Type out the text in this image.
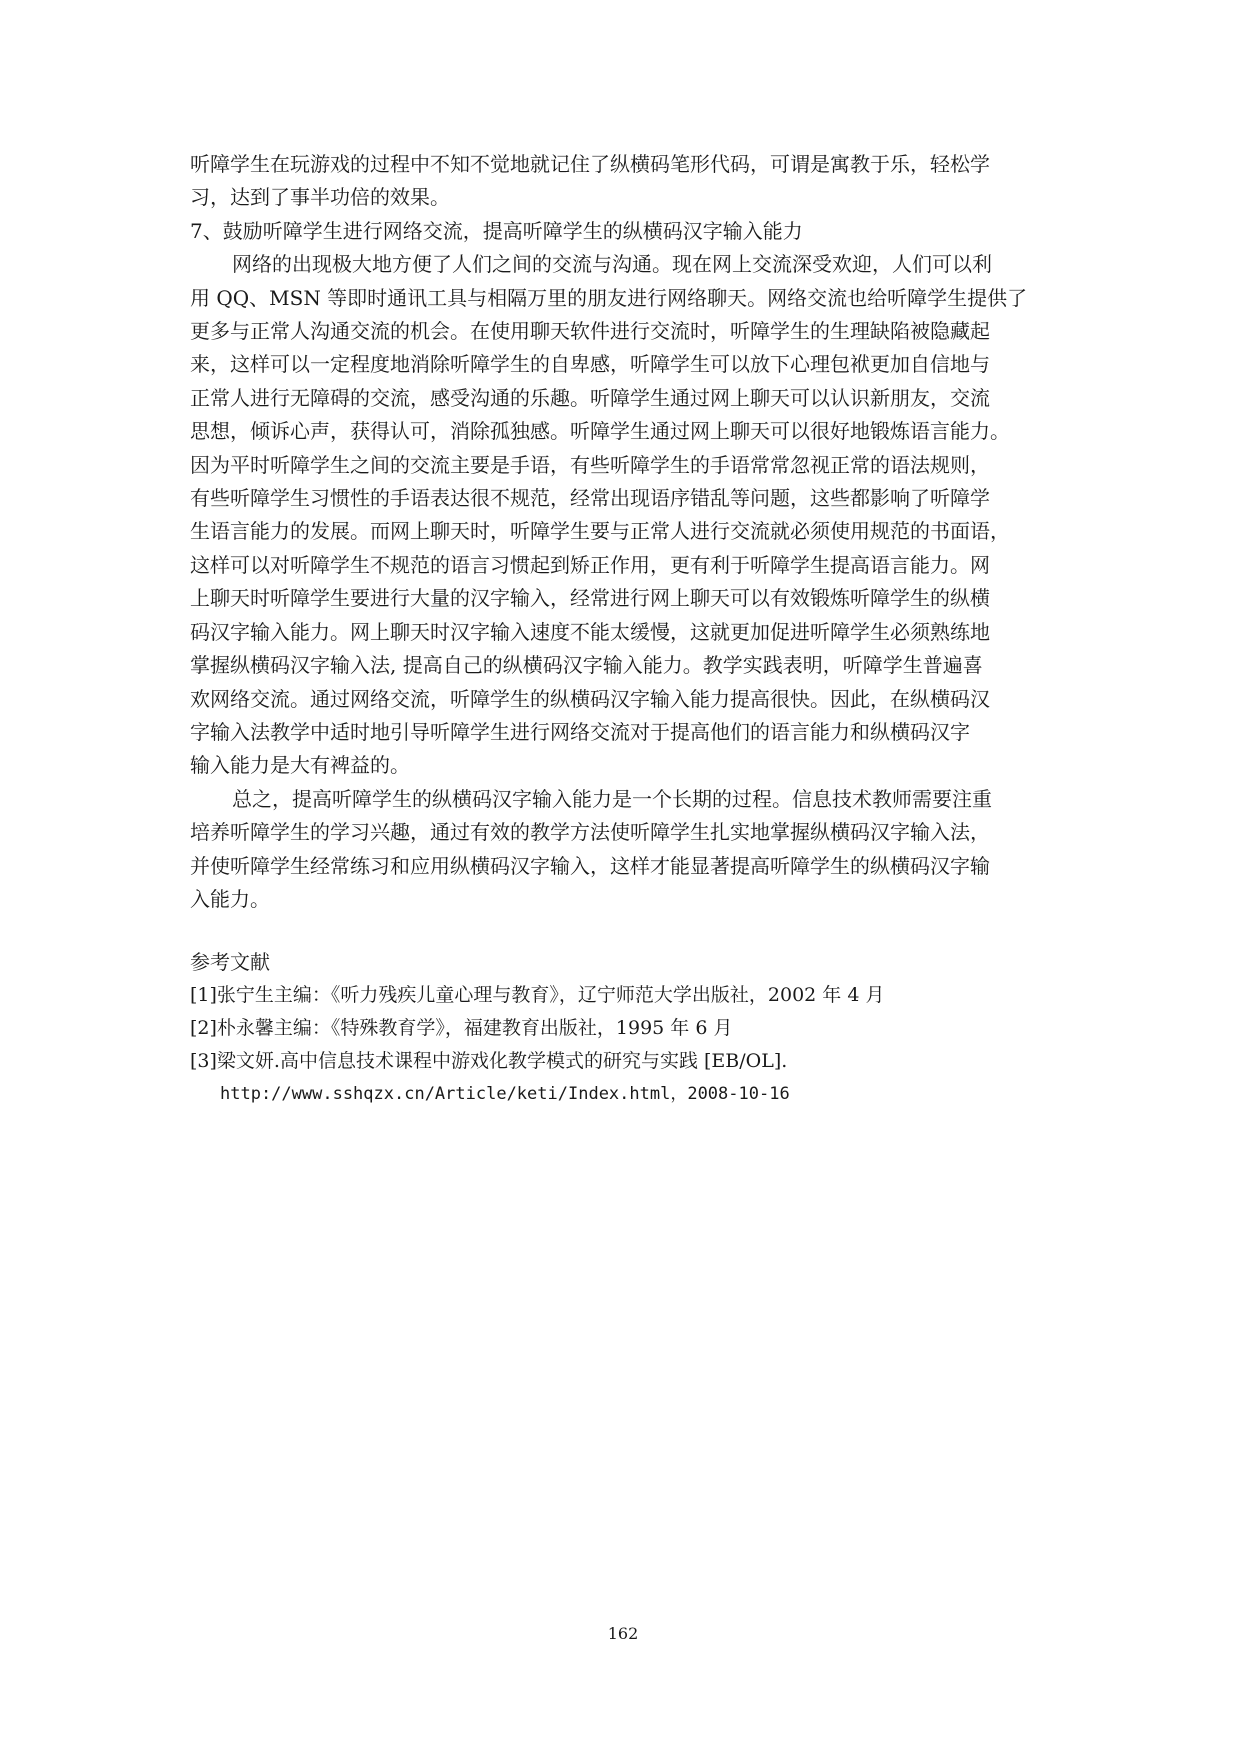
听障学生在玩游戏的过程中不知不觉地就记住了纵横码笔形代码，可谓是寓教于乐，轻松学

习，达到了事半功倍的效果。

7、鼓励听障学生进行网络交流，提高听障学生的纵横码汉字输入能力

网络的出现极大地方便了人们之间的交流与沟通。现在网上交流深受欢迎，人们可以利

用 QQ、MSN 等即时通讯工具与相隔万里的朋友进行网络聊天。网络交流也给听障学生提供了

更多与正常人沟通交流的机会。在使用聊天软件进行交流时，听障学生的生理缺陷被隐藏起

来，这样可以一定程度地消除听障学生的自卑感，听障学生可以放下心理包袱更加自信地与

正常人进行无障碍的交流，感受沟通的乐趣。听障学生通过网上聊天可以认识新朋友，交流

思想，倾诉心声，获得认可，消除孤独感。听障学生通过网上聊天可以很好地锻炼语言能力。

因为平时听障学生之间的交流主要是手语，有些听障学生的手语常常忽视正常的语法规则，

有些听障学生习惯性的手语表达很不规范，经常出现语序错乱等问题，这些都影响了听障学

生语言能力的发展。而网上聊天时，听障学生要与正常人进行交流就必须使用规范的书面语，

这样可以对听障学生不规范的语言习惯起到矫正作用，更有利于听障学生提高语言能力。网

上聊天时听障学生要进行大量的汉字输入，经常进行网上聊天可以有效锻炼听障学生的纵横

码汉字输入能力。网上聊天时汉字输入速度不能太缓慢，这就更加促进听障学生必须熟练地

掌握纵横码汉字输入法, 提高自己的纵横码汉字输入能力。教学实践表明，听障学生普遍喜

欢网络交流。通过网络交流，听障学生的纵横码汉字输入能力提高很快。因此，在纵横码汉

字输入法教学中适时地引导听障学生进行网络交流对于提高他们的语言能力和纵横码汉字

输入能力是大有裨益的。

总之，提高听障学生的纵横码汉字输入能力是一个长期的过程。信息技术教师需要注重

培养听障学生的学习兴趣，通过有效的教学方法使听障学生扎实地掌握纵横码汉字输入法，

并使听障学生经常练习和应用纵横码汉字输入，这样才能显著提高听障学生的纵横码汉字输

入能力。

参考文献

[1]张宁生主编：《听力残疾儿童心理与教育》，辽宁师范大学出版社，2002 年 4 月

[2]朴永馨主编：《特殊教育学》，福建教育出版社，1995 年 6 月

[3]梁文妍.高中信息技术课程中游戏化教学模式的研究与实践 [EB/OL].

http://www.sshqzx.cn/Article/keti/Index.html，2008-10-16

162
